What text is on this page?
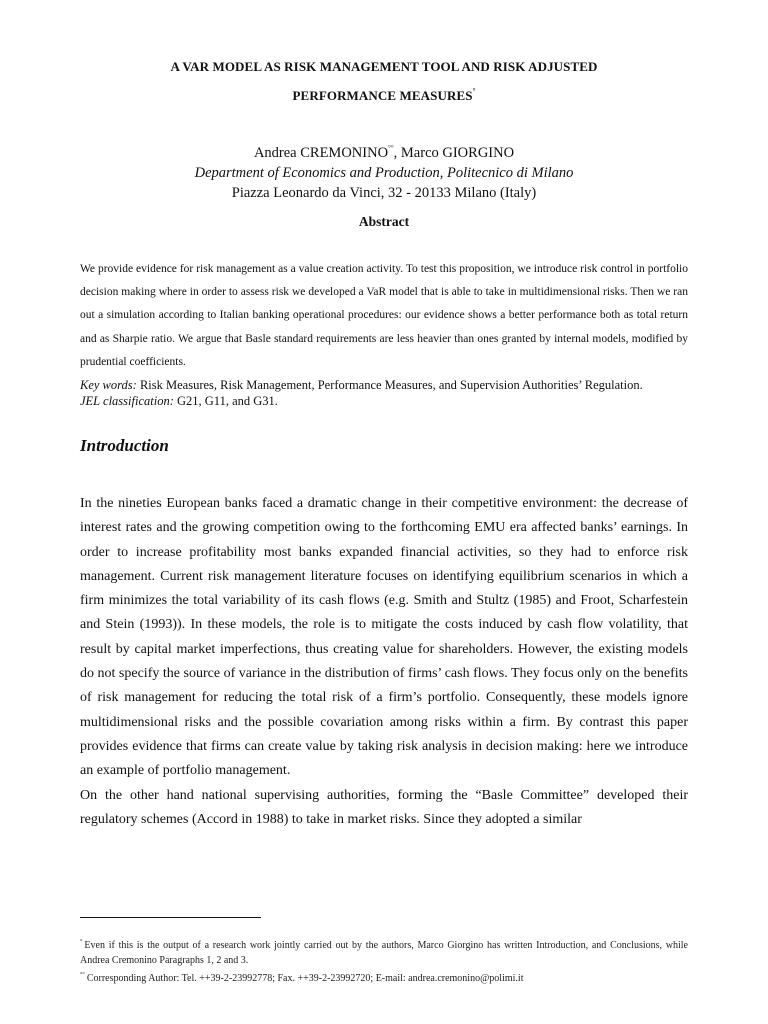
A VAR MODEL AS RISK MANAGEMENT TOOL AND RISK ADJUSTED
PERFORMANCE MEASURES°
Andrea CREMONINO°°, Marco GIORGINO
Department of Economics and Production, Politecnico di Milano
Piazza Leonardo da Vinci, 32 - 20133 Milano (Italy)
Abstract
We provide evidence for risk management as a value creation activity. To test this proposition, we introduce risk control in portfolio decision making where in order to assess risk we developed a VaR model that is able to take in multidimensional risks. Then we ran out a simulation according to Italian banking operational procedures: our evidence shows a better performance both as total return and as Sharpie ratio. We argue that Basle standard requirements are less heavier than ones granted by internal models, modified by prudential coefficients.
Key words: Risk Measures, Risk Management, Performance Measures, and Supervision Authorities’ Regulation.
JEL classification: G21, G11, and G31.
Introduction

In the nineties European banks faced a dramatic change in their competitive environment: the decrease of interest rates and the growing competition owing to the forthcoming EMU era affected banks’ earnings. In order to increase profitability most banks expanded financial activities, so they had to enforce risk management. Current risk management literature focuses on identifying equilibrium scenarios in which a firm minimizes the total variability of its cash flows (e.g. Smith and Stultz (1985) and Froot, Scharfestein and Stein (1993)). In these models, the role is to mitigate the costs induced by cash flow volatility, that result by capital market imperfections, thus creating value for shareholders. However, the existing models do not specify the source of variance in the distribution of firms’ cash flows. They focus only on the benefits of risk management for reducing the total risk of a firm’s portfolio. Consequently, these models ignore multidimensional risks and the possible covariation among risks within a firm. By contrast this paper provides evidence that firms can create value by taking risk analysis in decision making: here we introduce an example of portfolio management.

On the other hand national supervising authorities, forming the “Basle Committee” developed their regulatory schemes (Accord in 1988) to take in market risks. Since they adopted a similar

° Even if this is the output of a research work jointly carried out by the authors, Marco Giorgino has written Introduction, and Conclusions, while Andrea Cremonino Paragraphs 1, 2 and 3.
°° Corresponding Author: Tel. ++39-2-23992778; Fax. ++39-2-23992720; E-mail: andrea.cremonino@polimi.it
